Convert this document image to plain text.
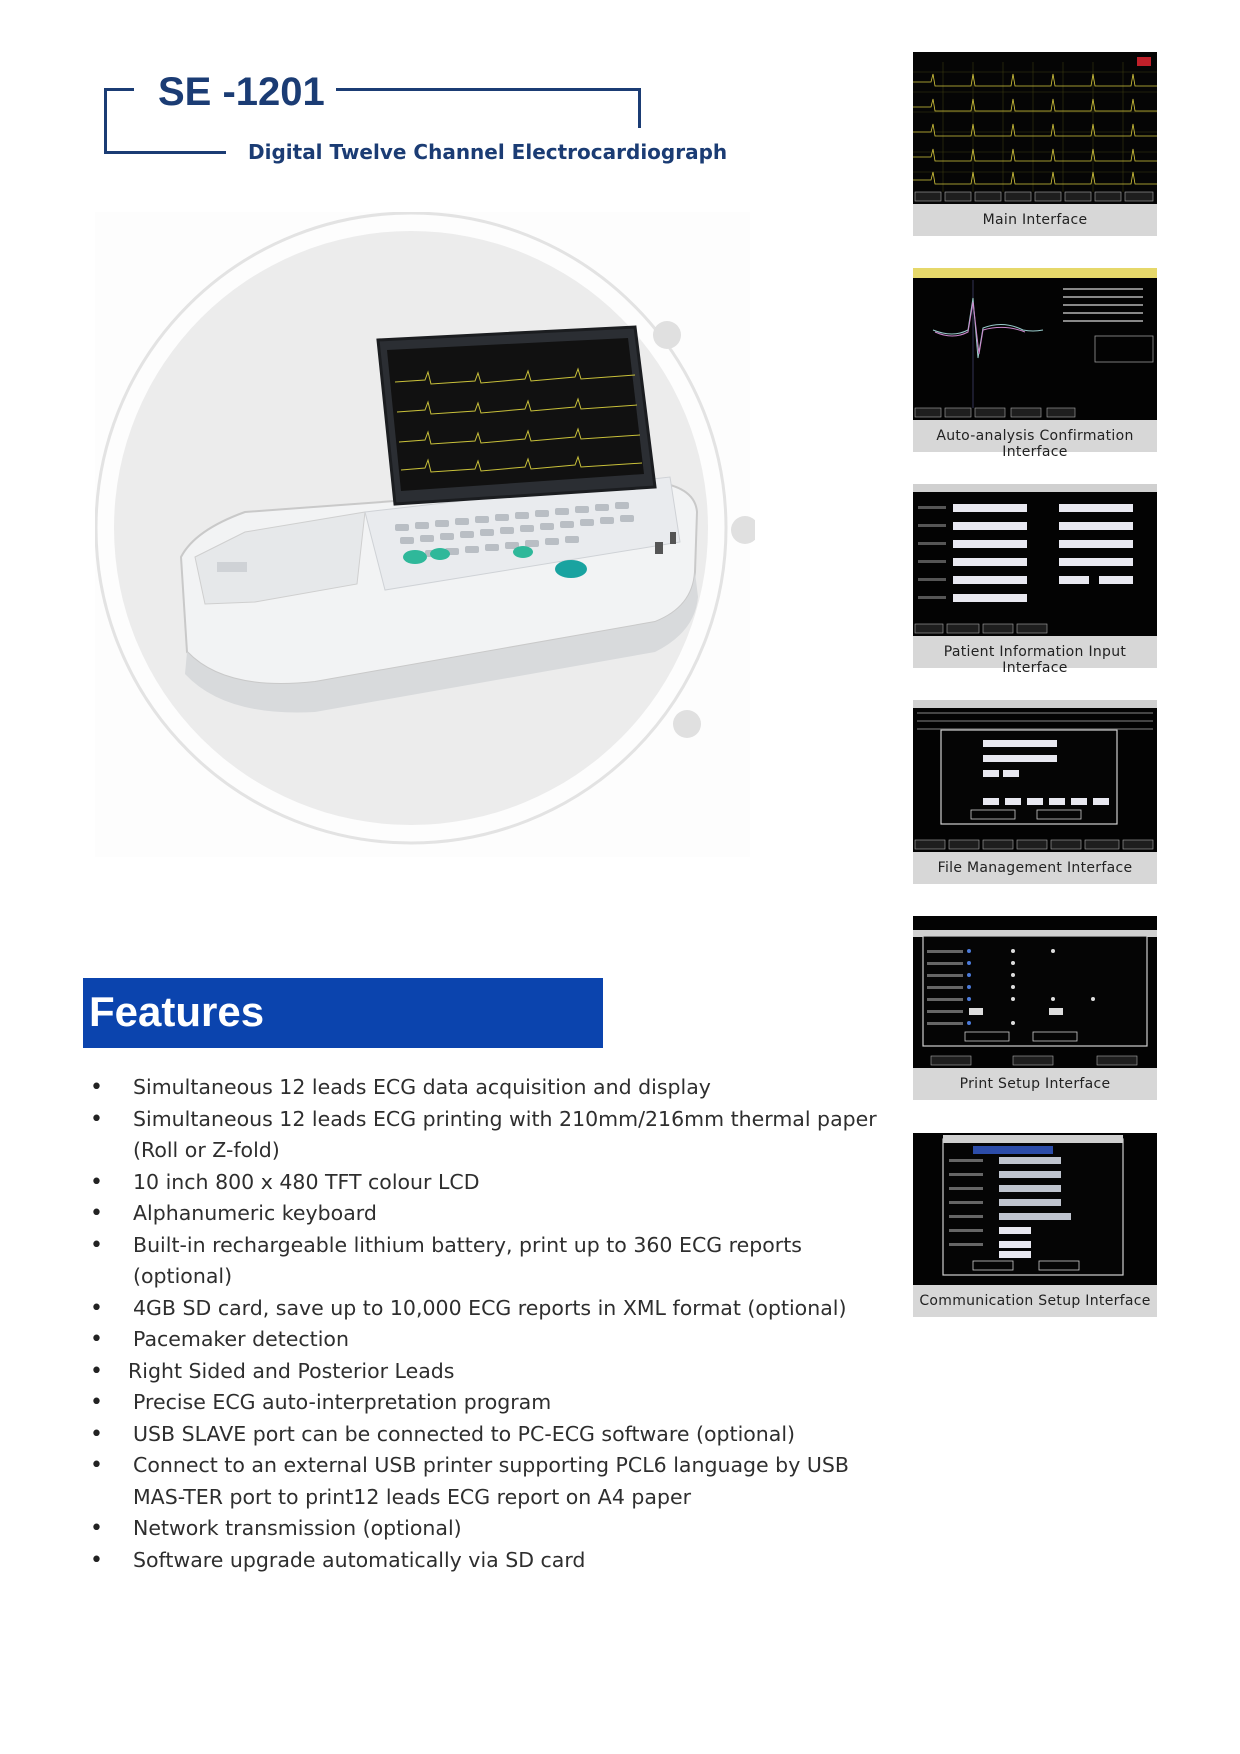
SE -1201
Digital Twelve Channel Electrocardiograph
Features
• Simultaneous 12 leads ECG data acquisition and display
• Simultaneous 12 leads ECG printing with 210mm/216mm thermal paper (Roll or Z-fold)
• 10 inch 800 x 480 TFT colour LCD
• Alphanumeric keyboard
• Built-in rechargeable lithium battery, print up to 360 ECG reports (optional)
• 4GB SD card, save up to 10,000 ECG reports in XML format (optional)
• Pacemaker detection
• Right Sided and Posterior Leads
• Precise ECG auto-interpretation program
• USB SLAVE port can be connected to PC-ECG software (optional)
• Connect to an external USB printer supporting PCL6 language by USB MAS-TER port to print12 leads ECG report on A4 paper
• Network transmission (optional)
• Software upgrade automatically via SD card
Main Interface
Auto-analysis Confirmation Interface
Patient Information Input Interface
File Management Interface
Print Setup Interface
Communication Setup Interface
